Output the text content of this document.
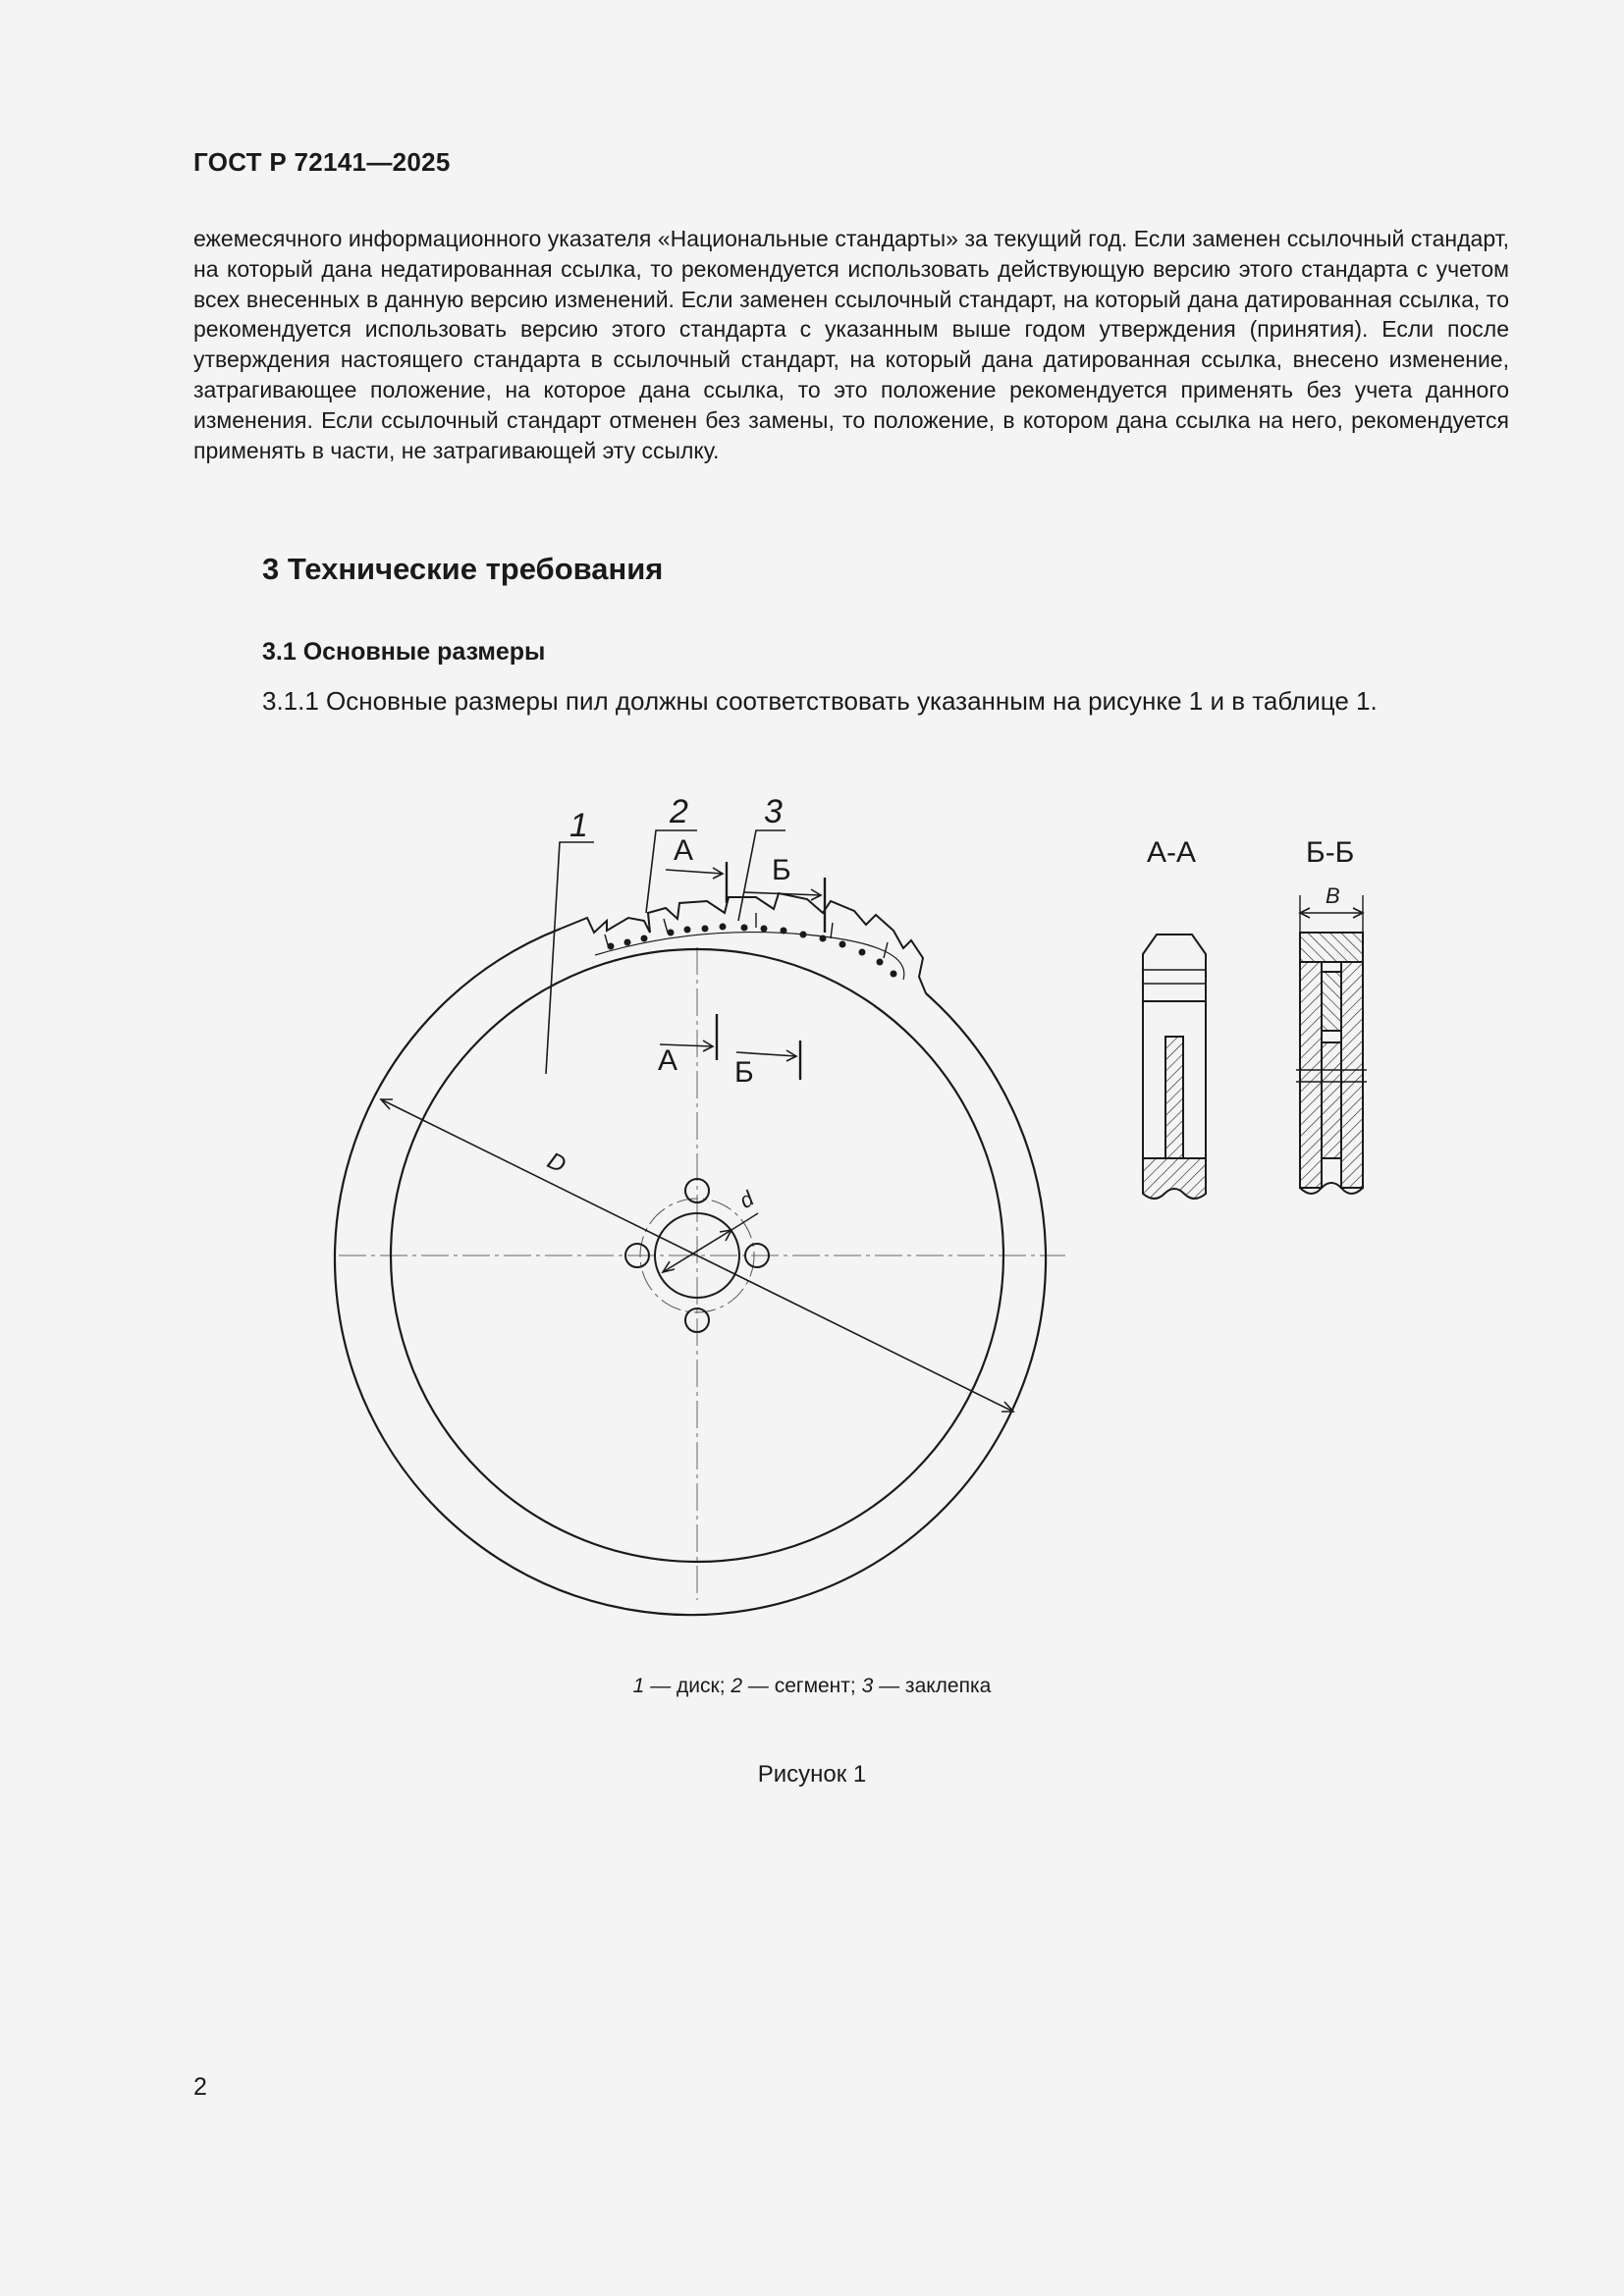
ГОСТ Р 72141—2025

ежемесячного информационного указателя «Национальные стандарты» за текущий год. Если заменен ссылочный стандарт, на который дана недатированная ссылка, то рекомендуется использовать действующую версию этого стандарта с учетом всех внесенных в данную версию изменений. Если заменен ссылочный стандарт, на который дана датированная ссылка, то рекомендуется использовать версию этого стандарта с указанным выше годом утверждения (принятия). Если после утверждения настоящего стандарта в ссылочный стандарт, на который дана датированная ссылка, внесено изменение, затрагивающее положение, на которое дана ссылка, то это положение рекомендуется применять без учета данного изменения. Если ссылочный стандарт отменен без замены, то положение, в котором дана ссылка на него, рекомендуется применять в части, не затрагивающей эту ссылку.

3 Технические требования
3.1 Основные размеры

3.1.1 Основные размеры пил должны соответствовать указанным на рисунке 1 и в таблице 1.

1 2 3
А
Б
А Б
d
D
А-А	Б-Б
B
1 — диск; 2 — сегмент; 3 — заклепка
Рисунок 1
2
